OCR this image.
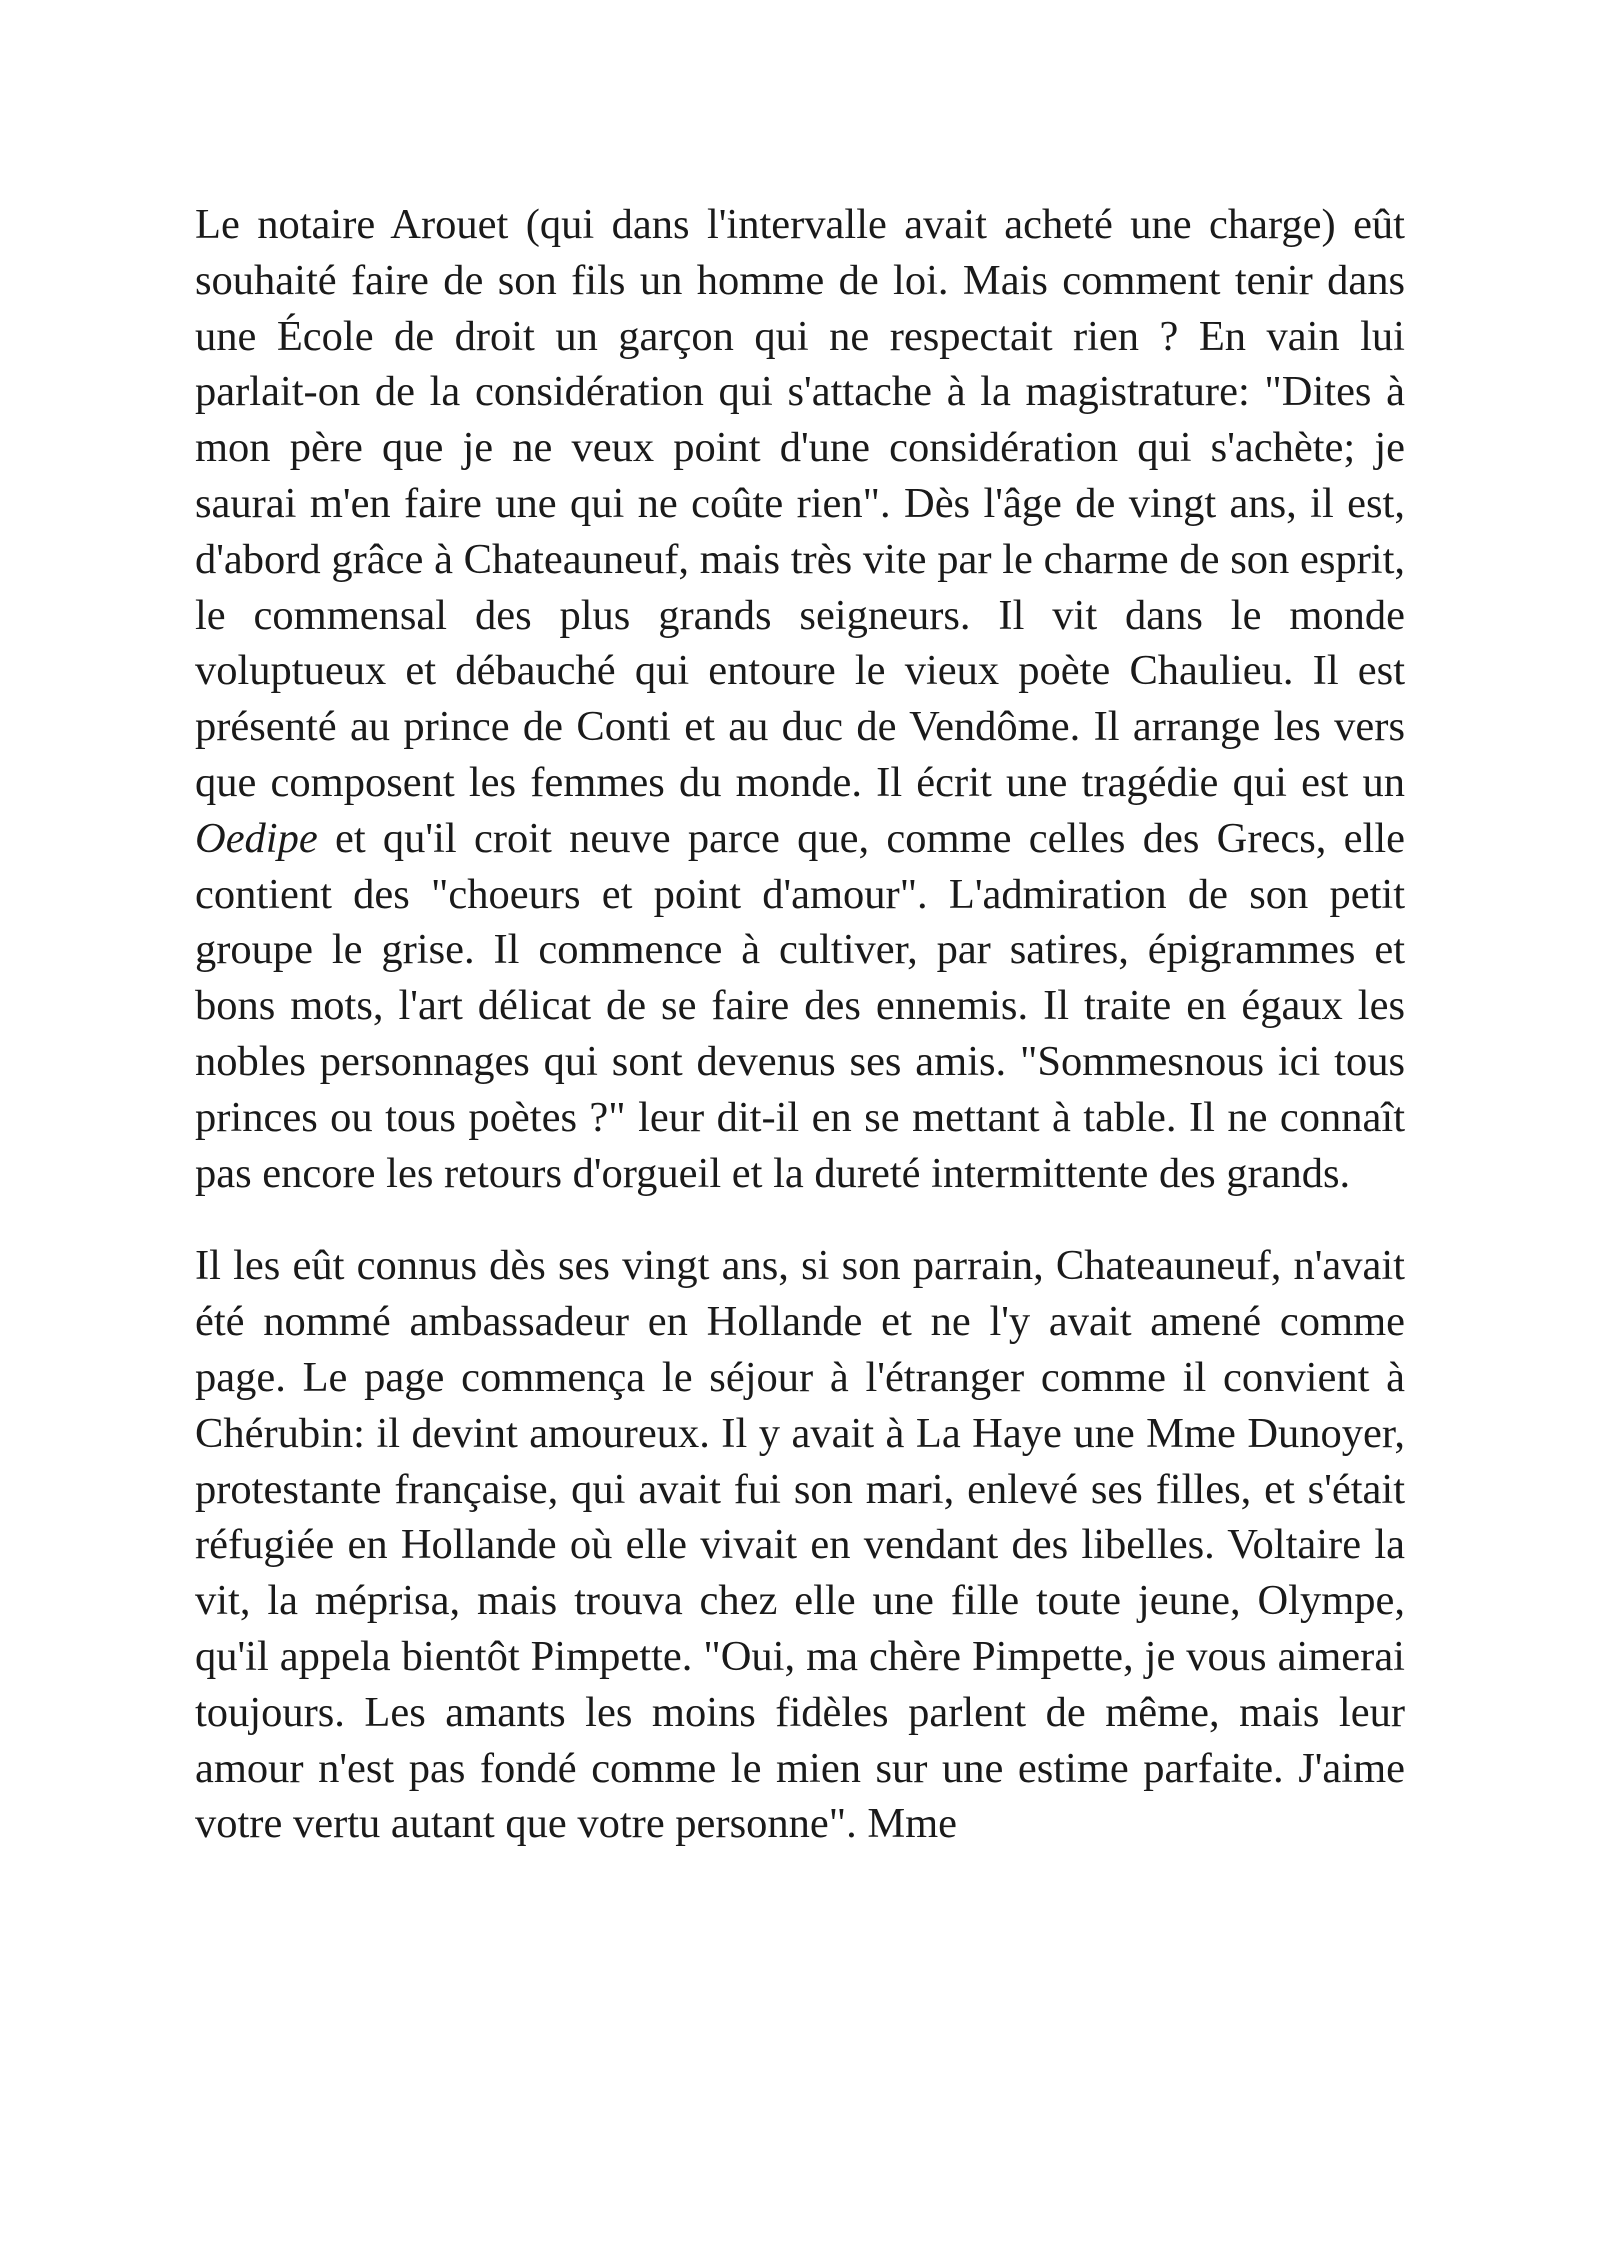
Le notaire Arouet (qui dans l'intervalle avait acheté une charge) eût souhaité faire de son fils un homme de loi. Mais comment tenir dans une École de droit un garçon qui ne respectait rien ? En vain lui parlait-on de la considération qui s'attache à la magistrature: "Dites à mon père que je ne veux point d'une considération qui s'achète; je saurai m'en faire une qui ne coûte rien". Dès l'âge de vingt ans, il est, d'abord grâce à Chateauneuf, mais très vite par le charme de son esprit, le commensal des plus grands seigneurs. Il vit dans le monde voluptueux et débauché qui entoure le vieux poète Chaulieu. Il est présenté au prince de Conti et au duc de Vendôme. Il arrange les vers que composent les femmes du monde. Il écrit une tragédie qui est un Oedipe et qu'il croit neuve parce que, comme celles des Grecs, elle contient des "choeurs et point d'amour". L'admiration de son petit groupe le grise. Il commence à cultiver, par satires, épigrammes et bons mots, l'art délicat de se faire des ennemis. Il traite en égaux les nobles personnages qui sont devenus ses amis. "Sommesnous ici tous princes ou tous poètes ?" leur dit-il en se mettant à table. Il ne connaît pas encore les retours d'orgueil et la dureté intermittente des grands.

Il les eût connus dès ses vingt ans, si son parrain, Chateauneuf, n'avait été nommé ambassadeur en Hollande et ne l'y avait amené comme page. Le page commença le séjour à l'étranger comme il convient à Chérubin: il devint amoureux. Il y avait à La Haye une Mme Dunoyer, protestante française, qui avait fui son mari, enlevé ses filles, et s'était réfugiée en Hollande où elle vivait en vendant des libelles. Voltaire la vit, la méprisa, mais trouva chez elle une fille toute jeune, Olympe, qu'il appela bientôt Pimpette. "Oui, ma chère Pimpette, je vous aimerai toujours. Les amants les moins fidèles parlent de même, mais leur amour n'est pas fondé comme le mien sur une estime parfaite. J'aime votre vertu autant que votre personne". Mme
